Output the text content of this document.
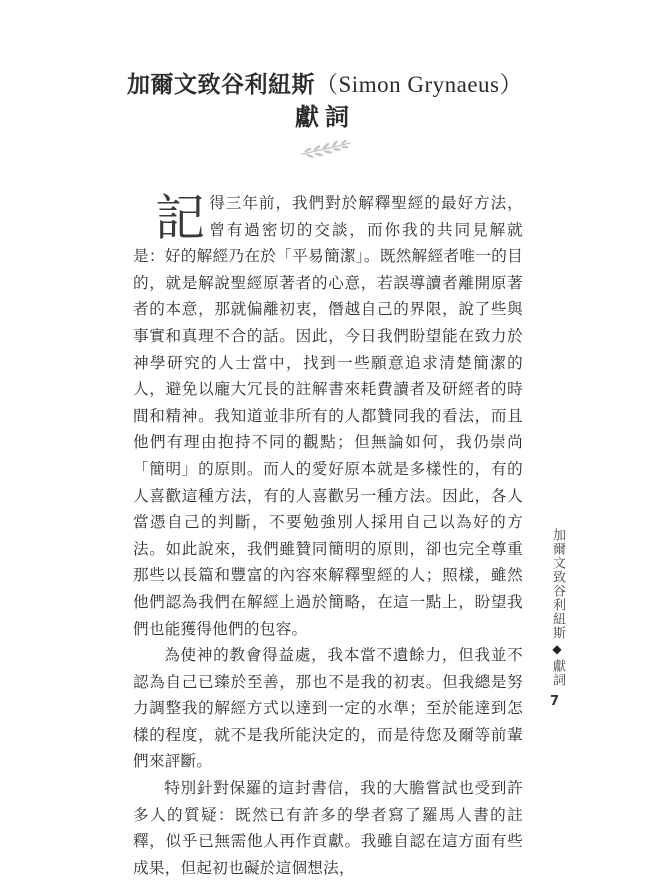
加爾文致谷利紐斯（Simon Grynaeus）
獻詞

記得三年前，我們對於解釋聖經的最好方法，曾有過密切的交談，而你我的共同見解就是：好的解經乃在於「平易簡潔」。既然解經者唯一的目的，就是解說聖經原著者的心意，若誤導讀者離開原著者的本意，那就偏離初衷，僭越自己的界限，說了些與事實和真理不合的話。因此，今日我們盼望能在致力於神學研究的人士當中，找到一些願意追求清楚簡潔的人，避免以龐大冗長的註解書來耗費讀者及研經者的時間和精神。我知道並非所有的人都贊同我的看法，而且他們有理由抱持不同的觀點；但無論如何，我仍崇尚「簡明」的原則。而人的愛好原本就是多樣性的，有的人喜歡這種方法，有的人喜歡另一種方法。因此，各人當憑自己的判斷，不要勉強別人採用自己以為好的方法。如此說來，我們雖贊同簡明的原則，卻也完全尊重那些以長篇和豐富的內容來解釋聖經的人；照樣，雖然他們認為我們在解經上過於簡略，在這一點上，盼望我們也能獲得他們的包容。

為使神的教會得益處，我本當不遺餘力，但我並不認為自己已臻於至善，那也不是我的初衷。但我總是努力調整我的解經方式以達到一定的水準；至於能達到怎樣的程度，就不是我所能決定的，而是待您及爾等前輩們來評斷。

特別針對保羅的這封書信，我的大膽嘗試也受到許多人的質疑：既然已有許多的學者寫了羅馬人書的註釋，似乎已無需他人再作貢獻。我雖自認在這方面有些成果，但起初也礙於這個想法，

加爾文致谷利紐斯◆獻詞
7
